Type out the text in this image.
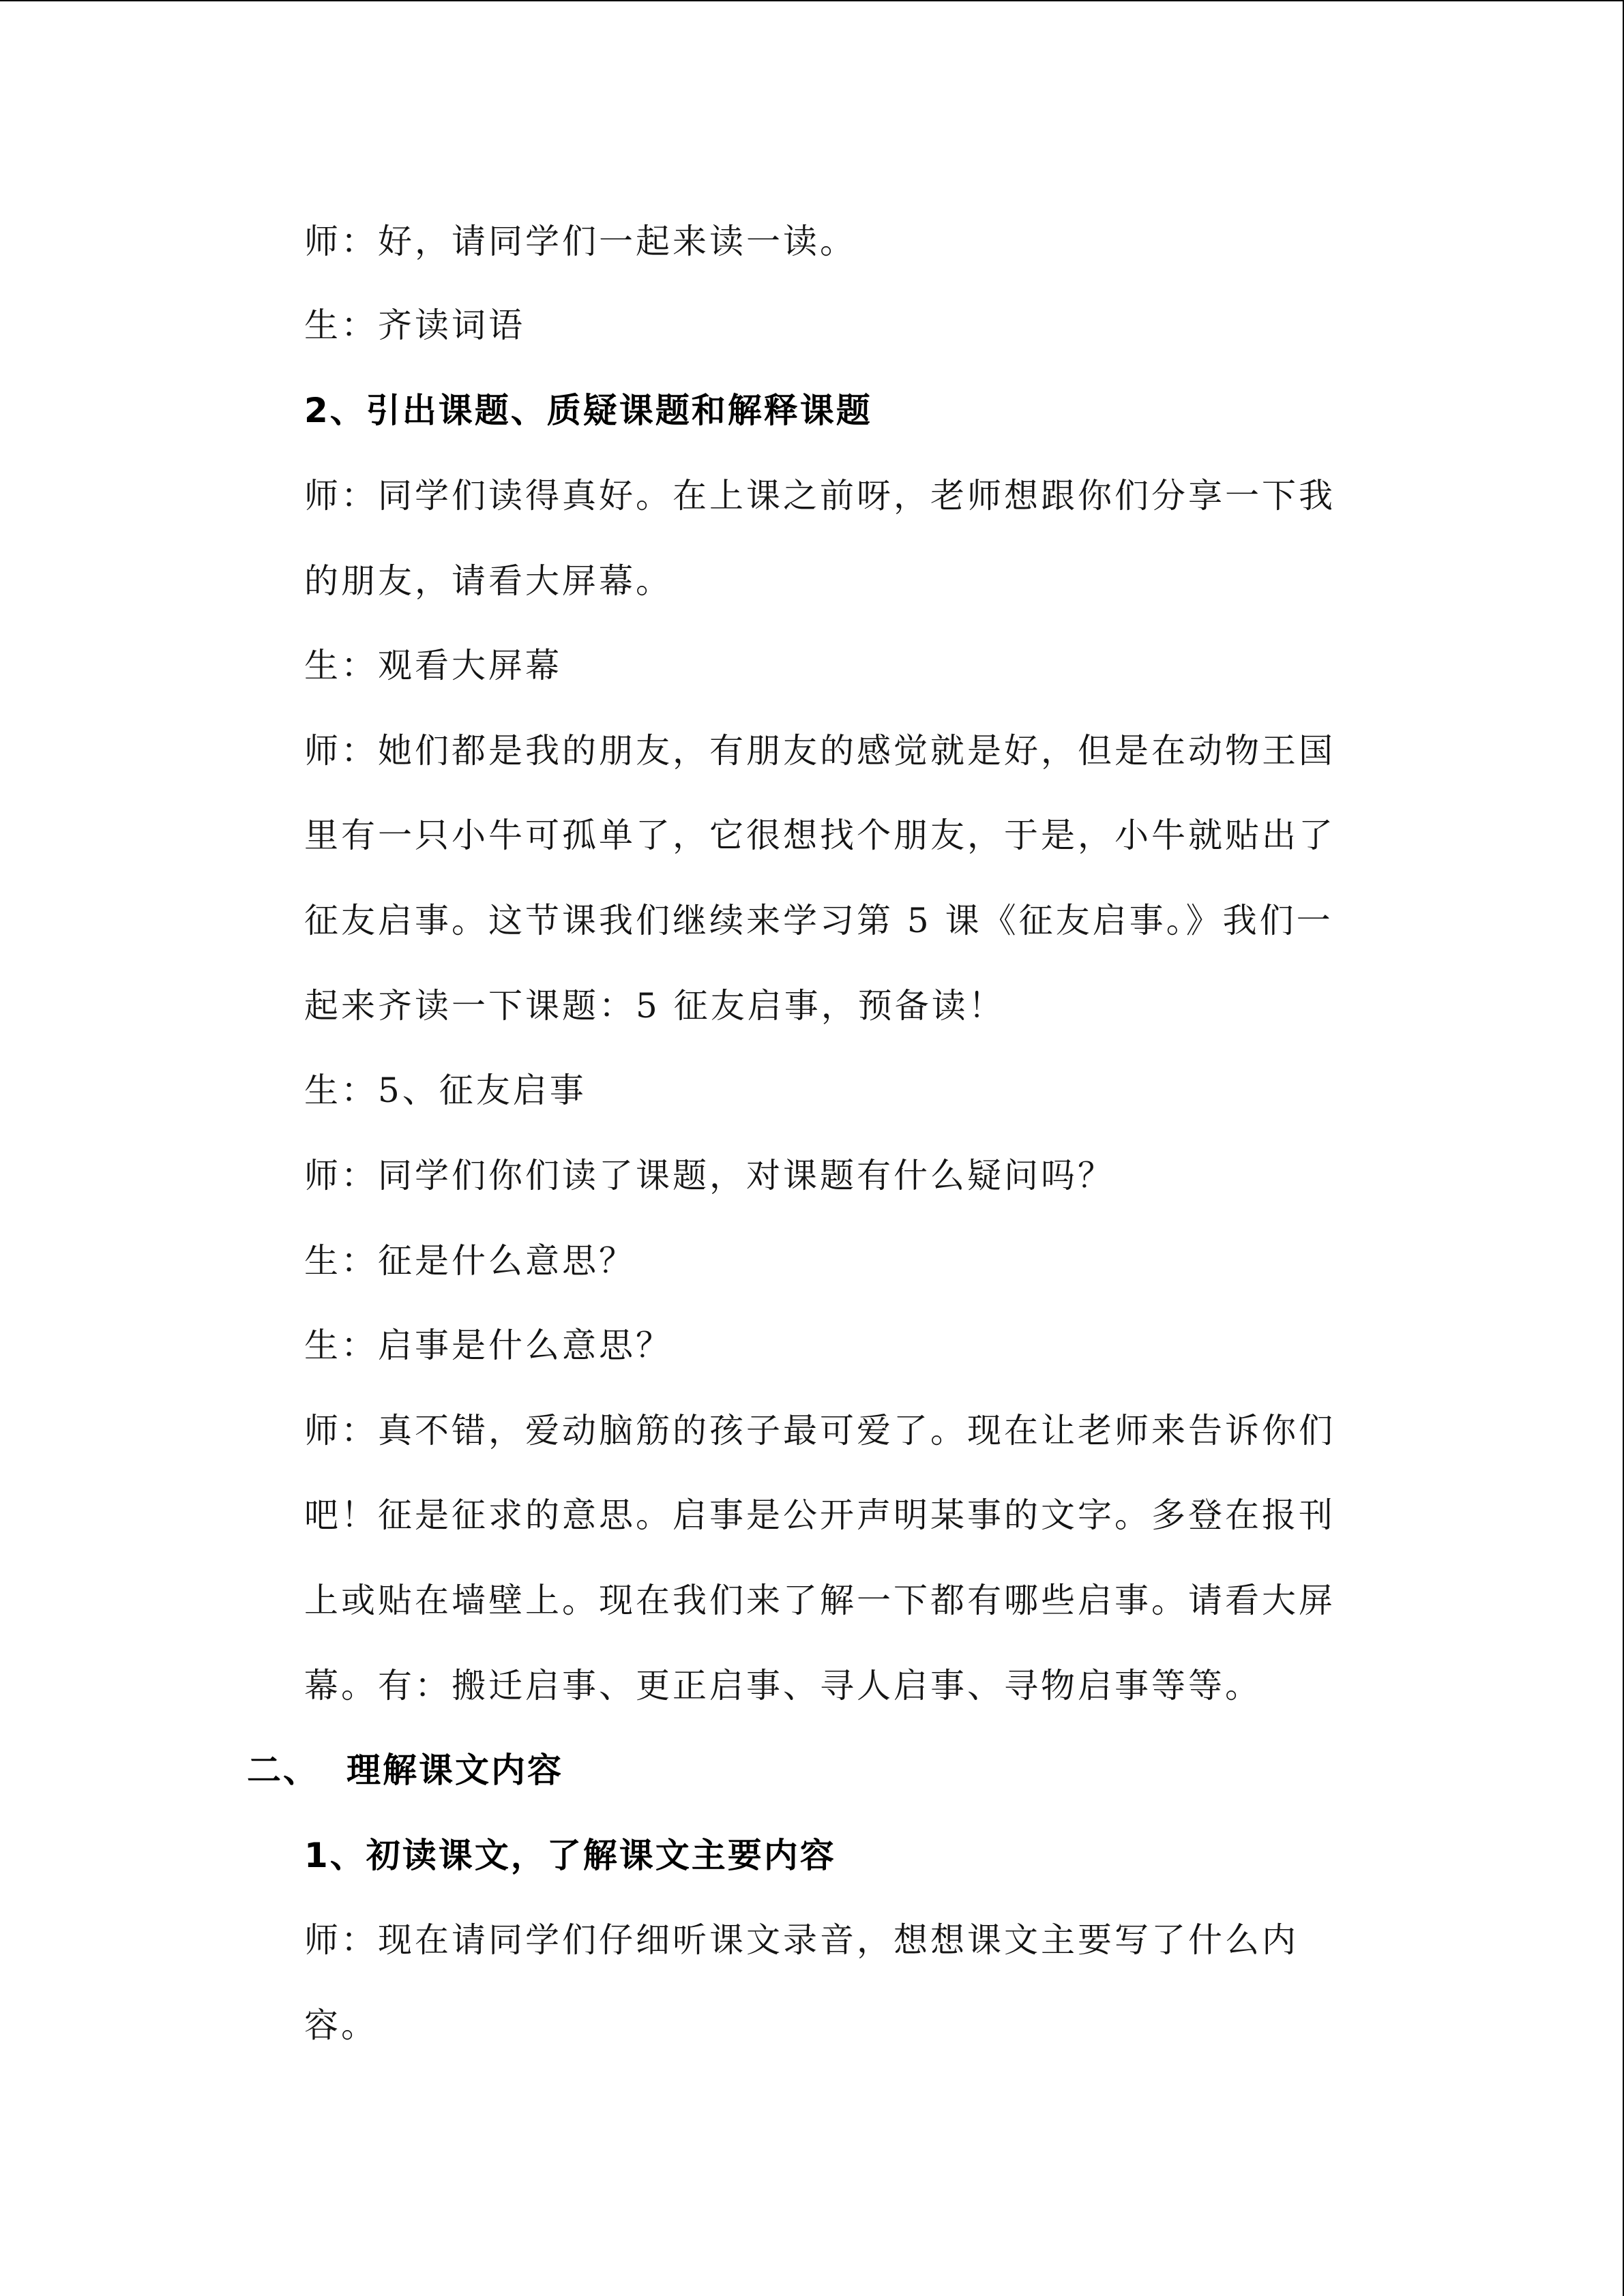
师：好，请同学们一起来读一读。

生：齐读词语

2、引出课题、质疑课题和解释课题

师：同学们读得真好。在上课之前呀，老师想跟你们分享一下我

的朋友，请看大屏幕。

生：观看大屏幕

师：她们都是我的朋友，有朋友的感觉就是好，但是在动物王国

里有一只小牛可孤单了，它很想找个朋友，于是，小牛就贴出了

征友启事。这节课我们继续来学习第 5 课《征友启事。》我们一

起来齐读一下课题：5 征友启事，预备读！

生：5、征友启事

师：同学们你们读了课题，对课题有什么疑问吗？

生：征是什么意思？

生：启事是什么意思？

师：真不错，爱动脑筋的孩子最可爱了。现在让老师来告诉你们

吧！征是征求的意思。启事是公开声明某事的文字。多登在报刊

上或贴在墙壁上。现在我们来了解一下都有哪些启事。请看大屏

幕。有：搬迁启事、更正启事、寻人启事、寻物启事等等。

二、 理解课文内容

1、初读课文，了解课文主要内容

师：现在请同学们仔细听课文录音，想想课文主要写了什么内

容。
